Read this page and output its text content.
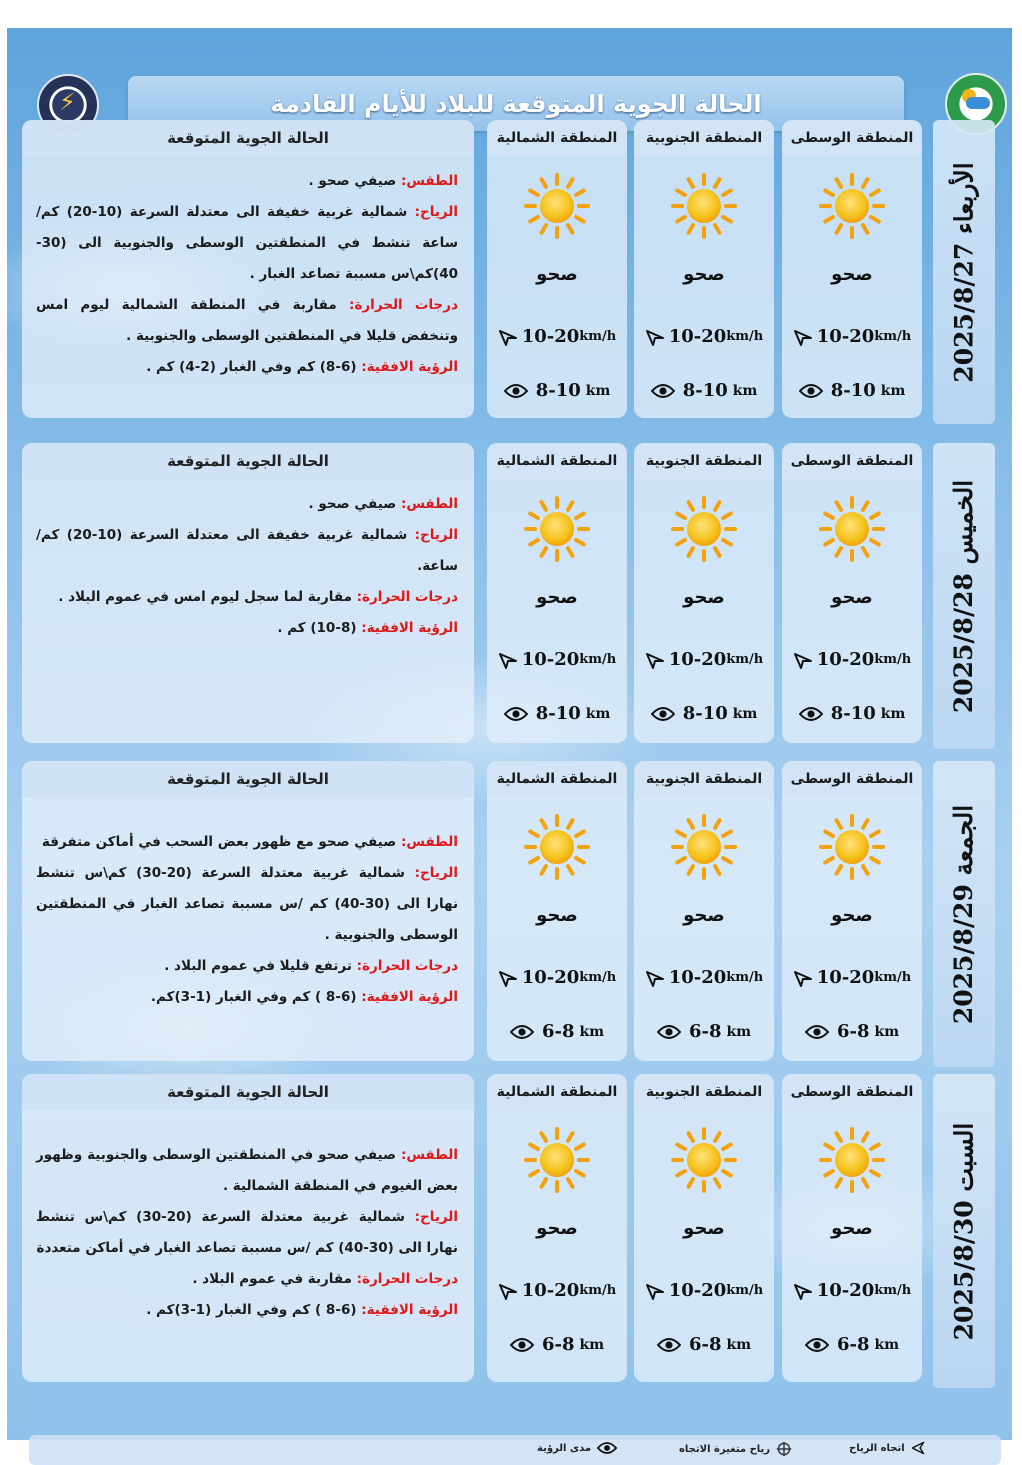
⚡	الحالة الجوية المتوقعة للبلاد للأيام القادمة
الأربعاء 2025/8/27
الحالة الجوية المتوقعة
الطقس: صيفي صحو .
الرياح: شمالية غربية خفيفة الى معتدلة السرعة (10-20) كم/ساعة تنشط في المنطقتين الوسطى والجنوبية الى (30-40)كم\س مسببة تصاعد الغبار .
درجات الحرارة: مقاربة في المنطقة الشمالية ليوم امس وتنخفض قليلا في المنطقتين الوسطى والجنوبية .
الرؤية الافقية: (6-8) كم وفي الغبار (2-4) كم .
المنطقة الوسطى
صحو
10-20 km/h
8-10 km
المنطقة الجنوبية
صحو
10-20 km/h
8-10 km
المنطقة الشمالية
صحو
10-20 km/h
8-10 km
الخميس 2025/8/28
الحالة الجوية المتوقعة
الطقس: صيفي صحو .
الرياح: شمالية غربية خفيفة الى معتدلة السرعة (10-20) كم/ساعة.
درجات الحرارة: مقاربة لما سجل ليوم امس في عموم البلاد .
الرؤية الافقية: (8-10) كم .
المنطقة الوسطى
صحو
10-20 km/h
8-10 km
المنطقة الجنوبية
صحو
10-20 km/h
8-10 km
المنطقة الشمالية
صحو
10-20 km/h
8-10 km
الجمعة 2025/8/29
الحالة الجوية المتوقعة
الطقس: صيفي صحو مع ظهور بعض السحب في أماكن متفرقة
الرياح: شمالية غربية معتدلة السرعة (20-30) كم\س تنشط نهارا الى (30-40) كم /س مسببة تصاعد الغبار في المنطقتين الوسطى والجنوبية .
درجات الحرارة: ترتفع قليلا في عموم البلاد .
الرؤية الافقية: (6-8 ) كم وفي الغبار (1-3)كم.
المنطقة الوسطى
صحو
10-20 km/h
6-8 km
المنطقة الجنوبية
صحو
10-20 km/h
6-8 km
المنطقة الشمالية
صحو
10-20 km/h
6-8 km
السبت 2025/8/30
الحالة الجوية المتوقعة
الطقس: صيفي صحو في المنطقتين الوسطى والجنوبية وظهور بعض الغيوم في المنطقة الشمالية .
الرياح: شمالية غربية معتدلة السرعة (20-30) كم\س تنشط نهارا الى (30-40) كم /س مسببة تصاعد الغبار في أماكن متعددة
درجات الحرارة: مقاربة في عموم البلاد .
الرؤية الافقية: (6-8 ) كم وفي الغبار (1-3)كم .
المنطقة الوسطى
صحو
10-20 km/h
6-8 km
المنطقة الجنوبية
صحو
10-20 km/h
6-8 km
المنطقة الشمالية
صحو
10-20 km/h
6-8 km
اتجاه الرياح
رياح متغيرة الاتجاه
مدى الرؤية
